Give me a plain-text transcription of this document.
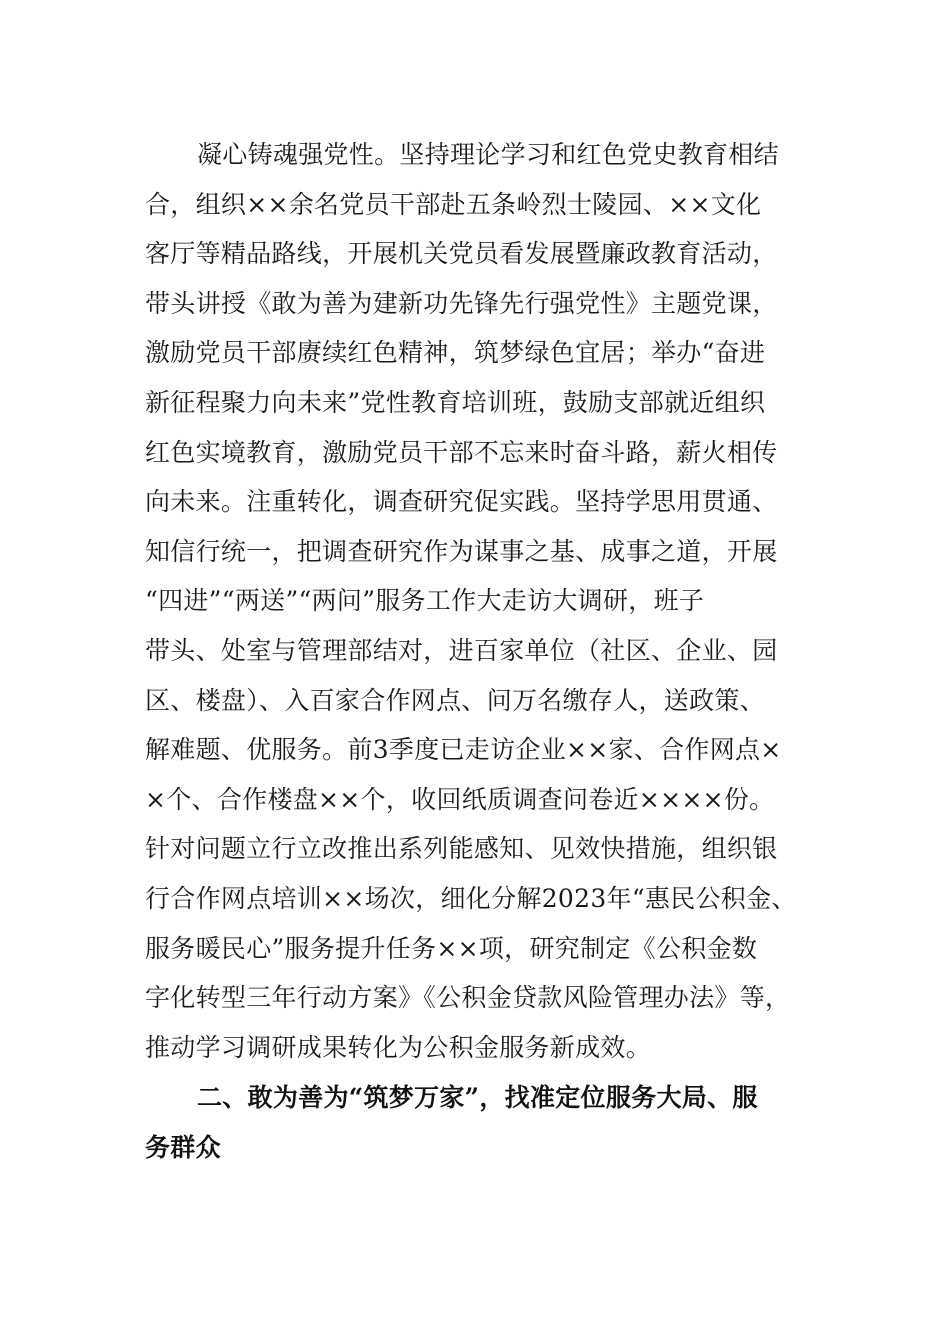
凝心铸魂强党性。坚持理论学习和红色党史教育相结
合，组织××余名党员干部赴五条岭烈士陵园、××文化
客厅等精品路线，开展机关党员看发展暨廉政教育活动，
带头讲授《敢为善为建新功先锋先行强党性》主题党课，
激励党员干部赓续红色精神，筑梦绿色宜居；举办“奋进
新征程聚力向未来”党性教育培训班，鼓励支部就近组织
红色实境教育，激励党员干部不忘来时奋斗路，薪火相传
向未来。注重转化，调查研究促实践。坚持学思用贯通、
知信行统一，把调查研究作为谋事之基、成事之道，开展
“四进”“两送”“两问”服务工作大走访大调研，班子
带头、处室与管理部结对，进百家单位（社区、企业、园
区、楼盘）、入百家合作网点、问万名缴存人，送政策、
解难题、优服务。前3季度已走访企业××家、合作网点×
×个、合作楼盘××个，收回纸质调查问卷近××××份。
针对问题立行立改推出系列能感知、见效快措施，组织银
行合作网点培训××场次，细化分解2023年“惠民公积金、
服务暖民心”服务提升任务××项，研究制定《公积金数
字化转型三年行动方案》《公积金贷款风险管理办法》等，
推动学习调研成果转化为公积金服务新成效。
二、敢为善为“筑梦万家”，找准定位服务大局、服
务群众
